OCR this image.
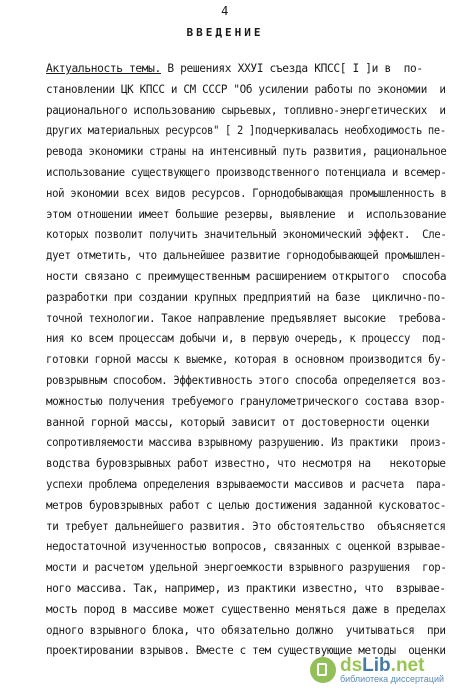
4
ВВЕДЕНИЕ
Актуальность темы. В решениях ХХУI съезда КПСС[ I ]и в  по-
становлении ЦК КПСС и СМ СССР "Об усилении работы по экономии  и
рационального использованию сырьевых, топливно-энергетических  и
других материальных ресурсов" [ 2 ]подчеркивалась необходимость пе-
ревода экономики страны на интенсивный путь развития, рациональное
использование существующего производственного потенциала и всемер-
ной экономии всех видов ресурсов. Горнодобывающая промышленность в
этом отношении имеет большие резервы, выявление  и  использование
которых позволит получить значительный экономический эффект.  Сле-
дует отметить, что дальнейшее развитие горнодобывающей промышлен-
ности связано с преимущественным расширением открытого  способа
разработки при создании крупных предприятий на базе  циклично-по-
точной технологии. Такое направление предъявляет высокие  требова-
ния ко всем процессам добычи и, в первую очередь, к процессу  под-
готовки горной массы к выемке, которая в основном производится бу-
ровзрывным способом. Эффективность этого способа определяется воз-
можностью получения требуемого гранулометрического состава взор-
ванной горной массы, который зависит от достоверности оценки
сопротивляемости массива взрывному разрушению. Из практики  произ-
водства буровзрывных работ известно, что несмотря на   некоторые
успехи проблема определения взрываемости массивов и расчета  пара-
метров буровзрывных работ с целью достижения заданной кусковатос-
ти требует дальнейшего развития. Это обстоятельство  объясняется
недостаточной изученностью вопросов, связанных с оценкой взрывае-
мости и расчетом удельной энергоемкости взрывного разрушения  гор-
ного массива. Так, например, из практики известно, что  взрывае-
мость пород в массиве может существенно меняться даже в пределах
одного взрывного блока, что обязательно должно  учитываться  при
проектировании взрывов. Вместе с тем существующие методы  оценки
dsLib.net
библиотека диссертаций
